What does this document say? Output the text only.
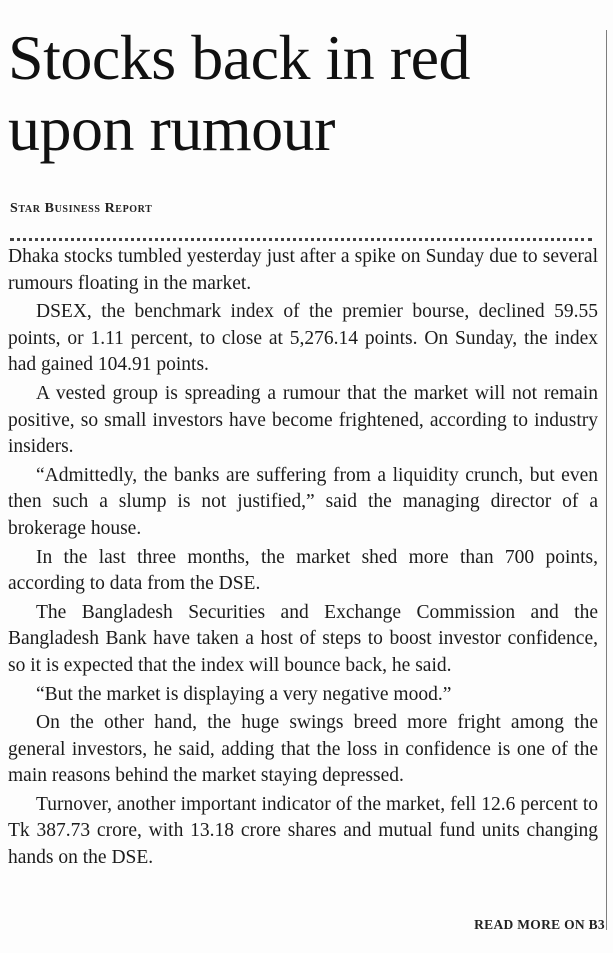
Stocks back in red
upon rumour

Star Business Report

Dhaka stocks tumbled yesterday just after a spike on Sunday due to several rumours floating in the market.

DSEX, the benchmark index of the premier bourse, declined 59.55 points, or 1.11 percent, to close at 5,276.14 points. On Sunday, the index had gained 104.91 points.

A vested group is spreading a rumour that the market will not remain positive, so small investors have become frightened, according to industry insiders.

“Admittedly, the banks are suffering from a liquidity crunch, but even then such a slump is not justified,” said the managing director of a brokerage house.

In the last three months, the market shed more than 700 points, according to data from the DSE.

The Bangladesh Securities and Exchange Commission and the Bangladesh Bank have taken a host of steps to boost investor confidence, so it is expected that the index will bounce back, he said.

“But the market is displaying a very negative mood.”

On the other hand, the huge swings breed more fright among the general investors, he said, adding that the loss in confidence is one of the main reasons behind the market staying depressed.

Turnover, another important indicator of the market, fell 12.6 percent to Tk 387.73 crore, with 13.18 crore shares and mutual fund units changing hands on the DSE.

READ MORE ON B3
